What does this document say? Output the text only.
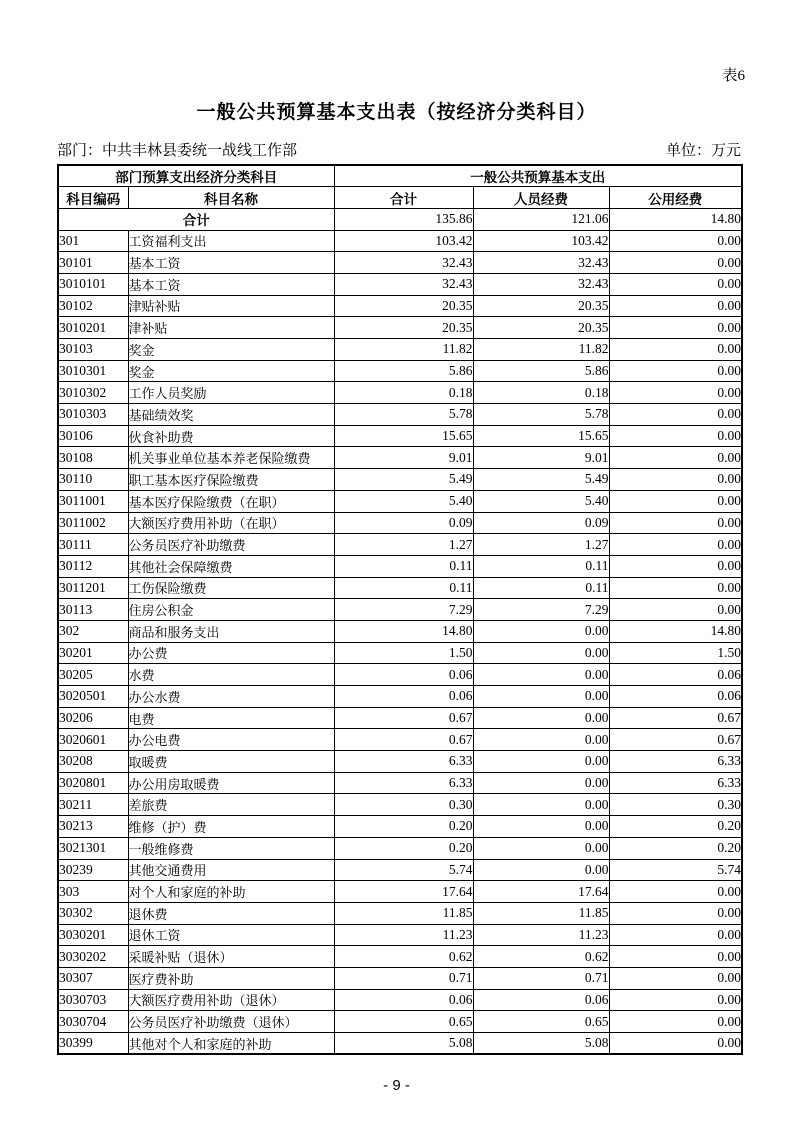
表6
一般公共预算基本支出表（按经济分类科目）
部门：中共丰林县委统一战线工作部	单位：万元
部门预算支出经济分类科目		一般公共预算基本支出		
科目编码	科目名称	合计	人员经费	公用经费
合计		135.86	121.06	14.80
301	工资福利支出	103.42	103.42	0.00
30101	基本工资	32.43	32.43	0.00
3010101	基本工资	32.43	32.43	0.00
30102	津贴补贴	20.35	20.35	0.00
3010201	津补贴	20.35	20.35	0.00
30103	奖金	11.82	11.82	0.00
3010301	奖金	5.86	5.86	0.00
3010302	工作人员奖励	0.18	0.18	0.00
3010303	基础绩效奖	5.78	5.78	0.00
30106	伙食补助费	15.65	15.65	0.00
30108	机关事业单位基本养老保险缴费	9.01	9.01	0.00
30110	职工基本医疗保险缴费	5.49	5.49	0.00
3011001	基本医疗保险缴费（在职）	5.40	5.40	0.00
3011002	大额医疗费用补助（在职）	0.09	0.09	0.00
30111	公务员医疗补助缴费	1.27	1.27	0.00
30112	其他社会保障缴费	0.11	0.11	0.00
3011201	工伤保险缴费	0.11	0.11	0.00
30113	住房公积金	7.29	7.29	0.00
302	商品和服务支出	14.80	0.00	14.80
30201	办公费	1.50	0.00	1.50
30205	水费	0.06	0.00	0.06
3020501	办公水费	0.06	0.00	0.06
30206	电费	0.67	0.00	0.67
3020601	办公电费	0.67	0.00	0.67
30208	取暖费	6.33	0.00	6.33
3020801	办公用房取暖费	6.33	0.00	6.33
30211	差旅费	0.30	0.00	0.30
30213	维修（护）费	0.20	0.00	0.20
3021301	一般维修费	0.20	0.00	0.20
30239	其他交通费用	5.74	0.00	5.74
303	对个人和家庭的补助	17.64	17.64	0.00
30302	退休费	11.85	11.85	0.00
3030201	退休工资	11.23	11.23	0.00
3030202	采暖补贴（退休）	0.62	0.62	0.00
30307	医疗费补助	0.71	0.71	0.00
3030703	大额医疗费用补助（退休）	0.06	0.06	0.00
3030704	公务员医疗补助缴费（退休）	0.65	0.65	0.00
30399	其他对个人和家庭的补助	5.08	5.08	0.00
- 9 -
